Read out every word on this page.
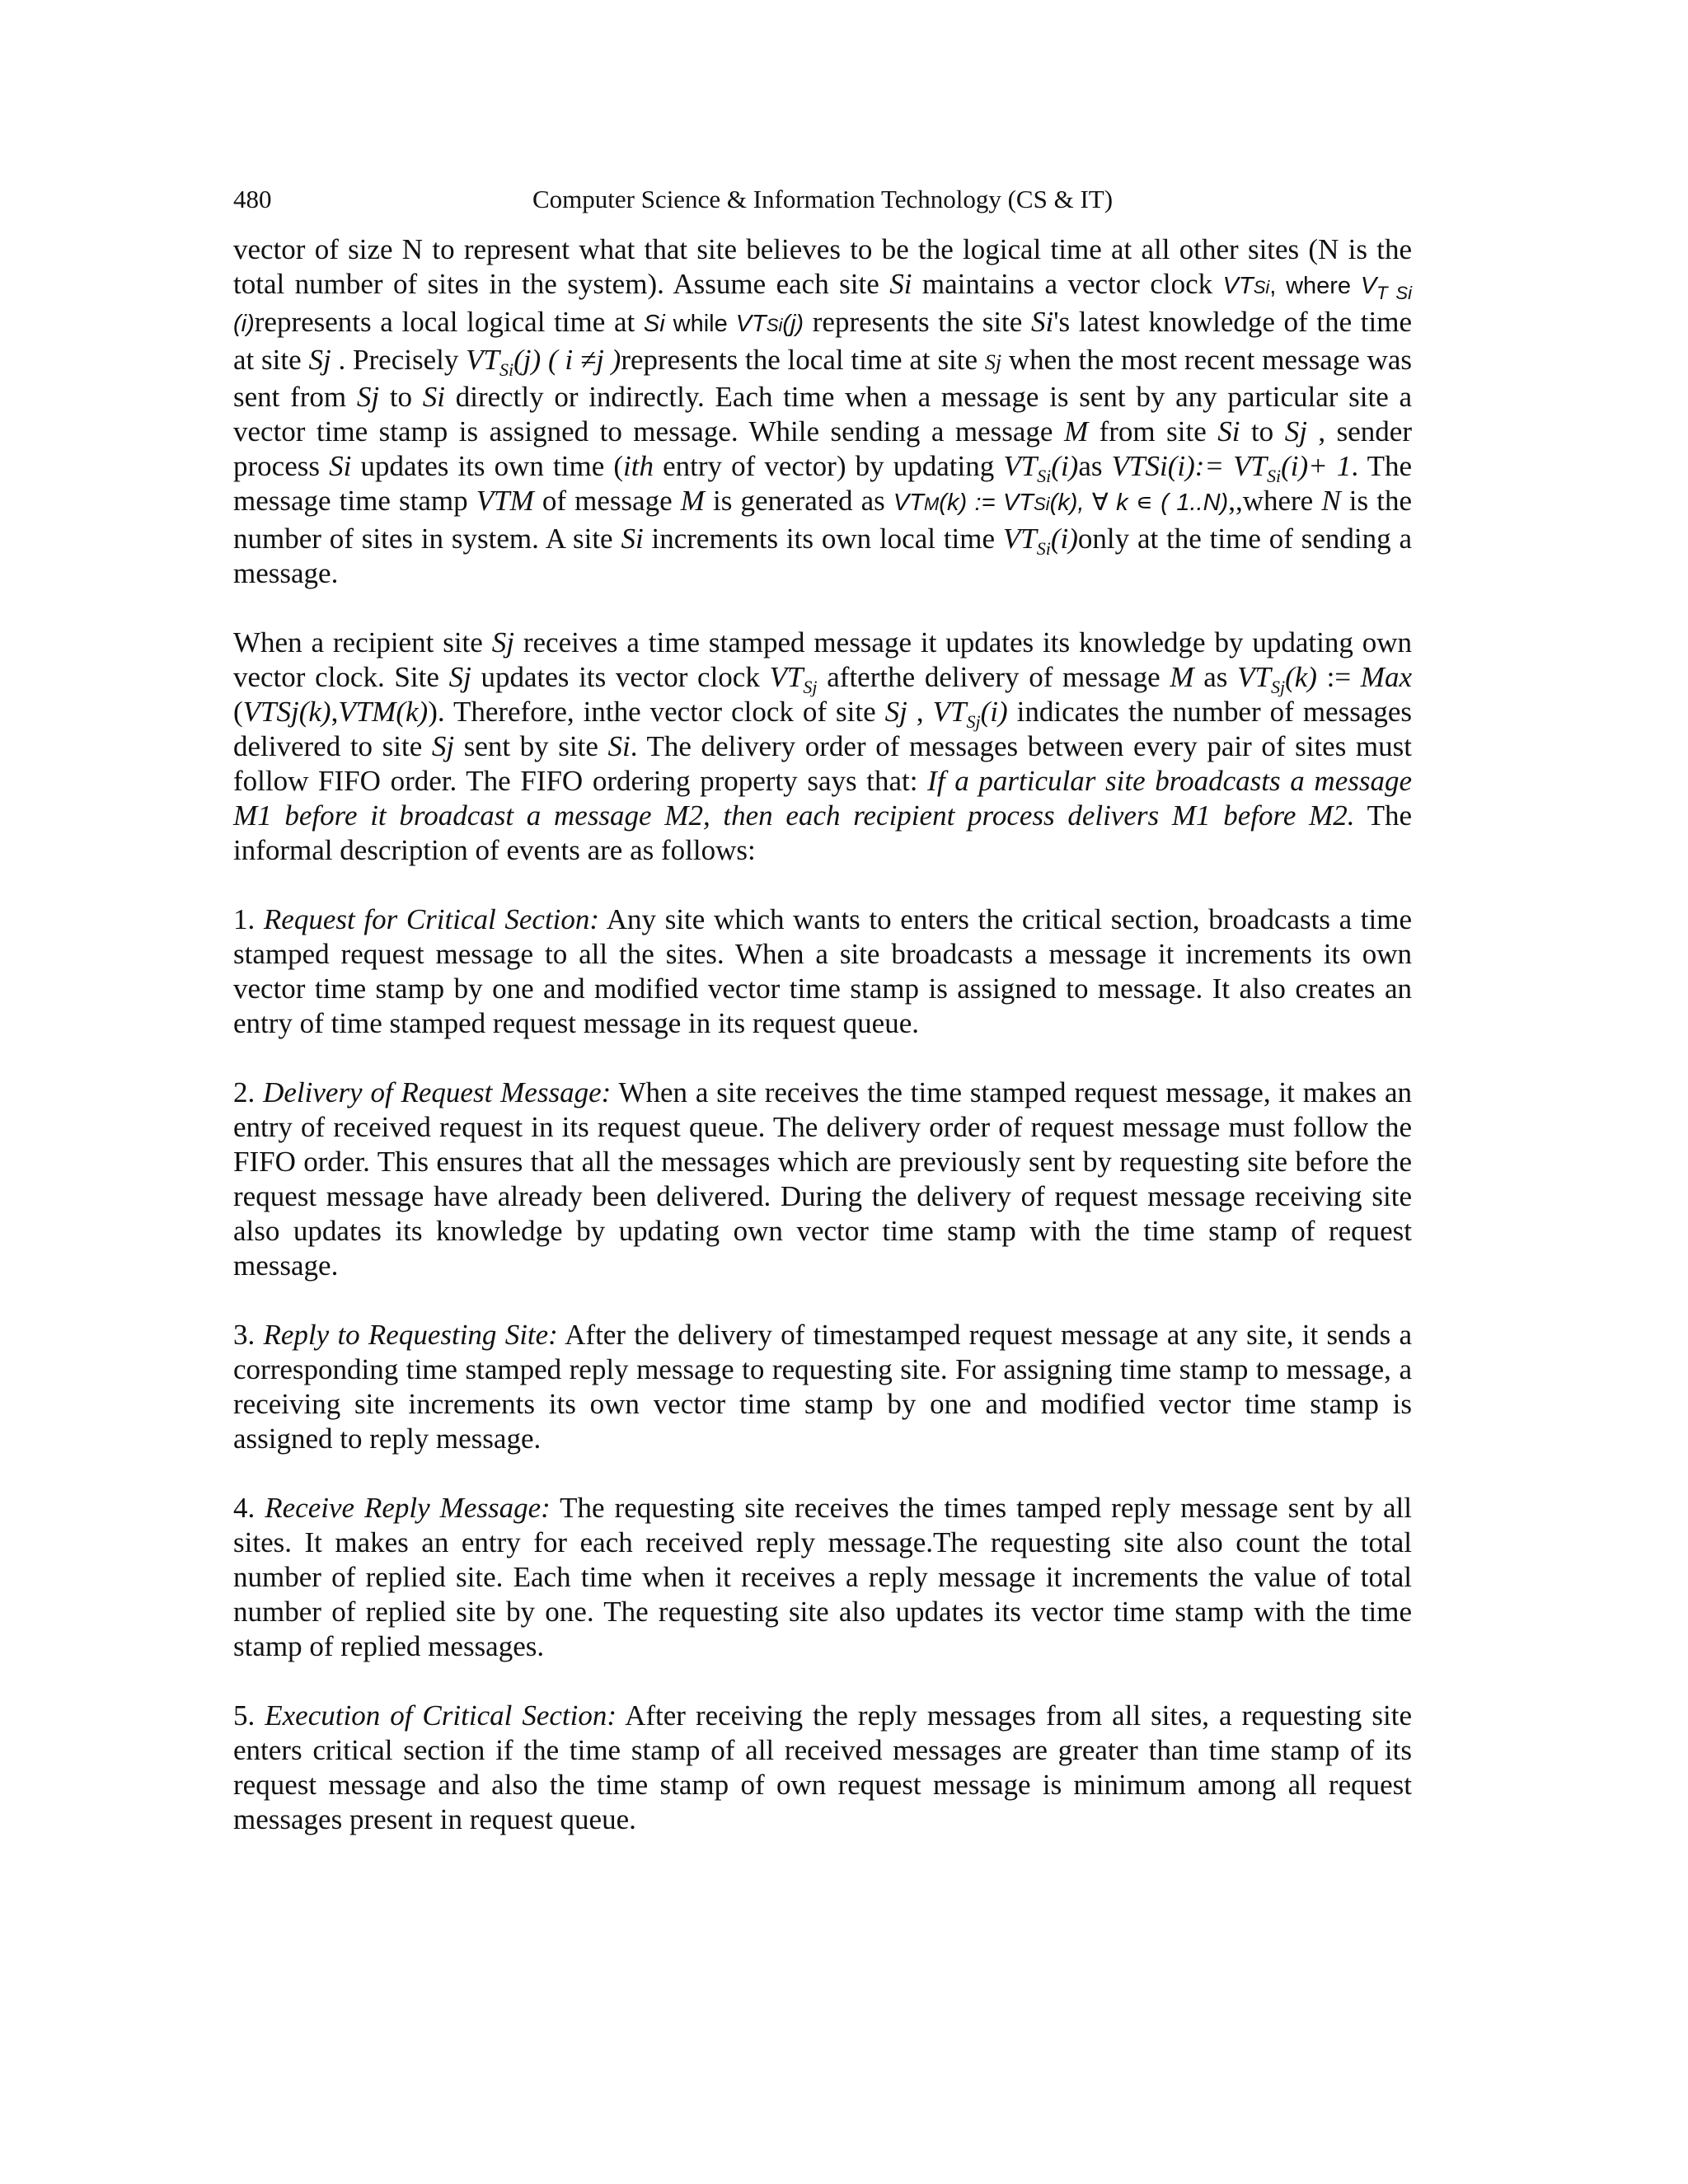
480	Computer Science & Information Technology (CS & IT)

vector of size N to represent what that site believes to be the logical time at all other sites (N is the total number of sites in the system). Assume each site Si maintains a vector clock VTSi, where $V_{T Si}$ (i)represents a local logical time at Si while VTSi(j) represents the site Si's latest knowledge of the time at site Sj . Precisely $VT_{Si}(j)$ ( i ≠j )represents the local time at site Sj when the most recent message was sent from Sj to Si directly or indirectly. Each time when a message is sent by any particular site a vector time stamp is assigned to message. While sending a message M from site Si to Sj , sender process Si updates its own time (ith entry of vector) by updating $VT_{Si}(i)as$ VTSi(i):= $VT_{Si}(i)+ 1$. The message time stamp VTM of message M is generated as VTM(k) := VTSi(k), ∀ k ∊ ( 1..N),,where N is the number of sites in system. A site Si increments its own local time $VT_{Si}(i)only$ at the time of sending a message.

When a recipient site Sj receives a time stamped message it updates its knowledge by updating own vector clock. Site Sj updates its vector clock $VT_{Sj}$ afterthe delivery of message M as $VT_{Sj}(k)$ := Max (VTSj(k),VTM(k)). Therefore, inthe vector clock of site Sj , $VT_{Sj}(i)$ indicates the number of messages delivered to site Sj sent by site Si. The delivery order of messages between every pair of sites must follow FIFO order. The FIFO ordering property says that: If a particular site broadcasts a message M1 before it broadcast a message M2, then each recipient process delivers M1 before M2. The informal description of events are as follows:

1. Request for Critical Section: Any site which wants to enters the critical section, broadcasts a time stamped request message to all the sites. When a site broadcasts a message it increments its own vector time stamp by one and modified vector time stamp is assigned to message. It also creates an entry of time stamped request message in its request queue.

2. Delivery of Request Message: When a site receives the time stamped request message, it makes an entry of received request in its request queue. The delivery order of request message must follow the FIFO order. This ensures that all the messages which are previously sent by requesting site before the request message have already been delivered. During the delivery of request message receiving site also updates its knowledge by updating own vector time stamp with the time stamp of request message.

3. Reply to Requesting Site: After the delivery of timestamped request message at any site, it sends a corresponding time stamped reply message to requesting site. For assigning time stamp to message, a receiving site increments its own vector time stamp by one and modified vector time stamp is assigned to reply message.

4. Receive Reply Message: The requesting site receives the times tamped reply message sent by all sites. It makes an entry for each received reply message.The requesting site also count the total number of replied site. Each time when it receives a reply message it increments the value of total number of replied site by one. The requesting site also updates its vector time stamp with the time stamp of replied messages.

5. Execution of Critical Section: After receiving the reply messages from all sites, a requesting site enters critical section if the time stamp of all received messages are greater than time stamp of its request message and also the time stamp of own request message is minimum among all request messages present in request queue.
